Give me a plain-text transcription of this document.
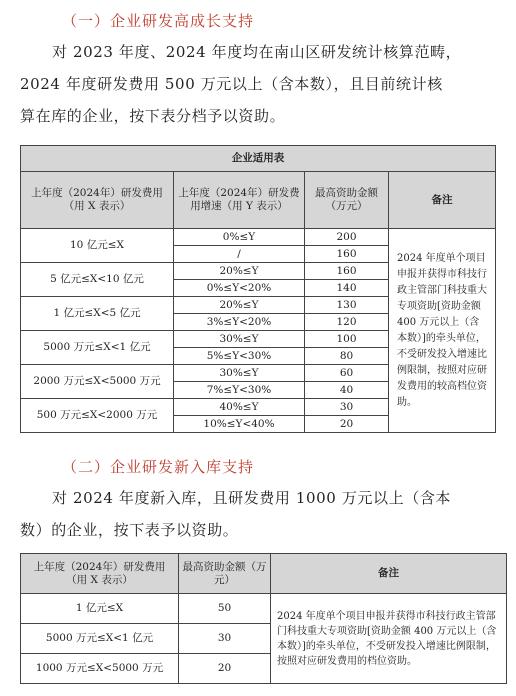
（一）企业研发高成长支持
对 2023 年度、2024 年度均在南山区研发统计核算范畴，
2024 年度研发费用 500 万元以上（含本数），且目前统计核
算在库的企业，按下表分档予以资助。
企业适用表			
上年度（2024年）研发费用（用 X 表示）	上年度（2024年）研发费用增速（用 Y 表示）	最高资助金额（万元）	备注
10 亿元≤X	0%≤Y	200	2024 年度单个项目申报并获得市科技行政主管部门科技重大专项资助[资助金额 400 万元以上（含本数）]的牵头单位，不受研发投入增速比例限制，按照对应研发费用的较高档位资助。
	/	160	
5 亿元≤X<10 亿元	20%≤Y	160	
	0%≤Y<20%	140	
1 亿元≤X<5 亿元	20%≤Y	130	
	3%≤Y<20%	120	
5000 万元≤X<1 亿元	30%≤Y	100	
	5%≤Y<30%	80	
2000 万元≤X<5000 万元	30%≤Y	60	
	7%≤Y<30%	40	
500 万元≤X<2000 万元	40%≤Y	30	
	10%≤Y<40%	20	
（二）企业研发新入库支持
对 2024 年度新入库，且研发费用 1000 万元以上（含本
数）的企业，按下表予以资助。
上年度（2024年）研发费用（用 X 表示）	最高资助金额（万元）	备注
1 亿元≤X	50	2024 年度单个项目申报并获得市科技行政主管部门科技重大专项资助[资助金额 400 万元以上（含本数）]的牵头单位，不受研发投入增速比例限制，按照对应研发费用的档位资助。
5000 万元≤X<1 亿元	30	
1000 万元≤X<5000 万元	20	
